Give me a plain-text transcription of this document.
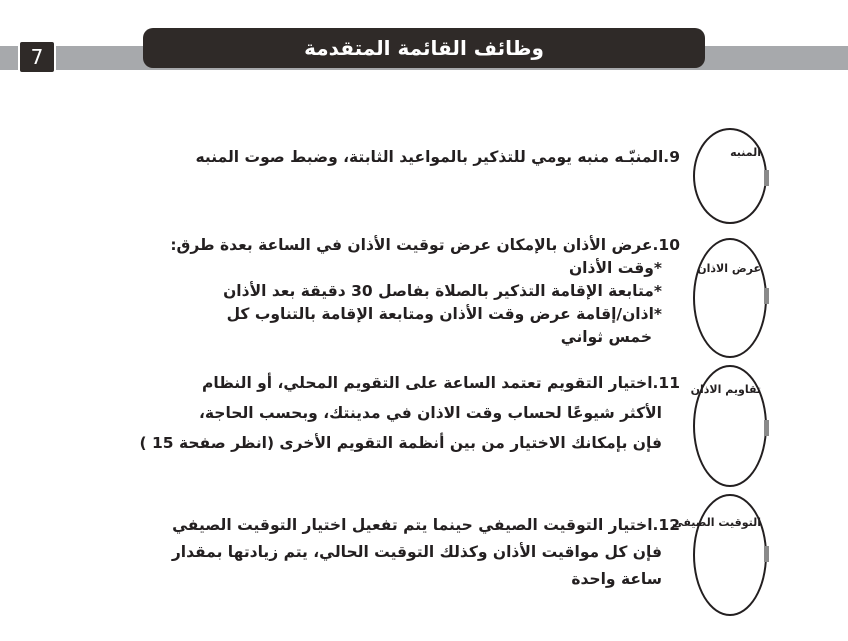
7	وظائف القائمة المتقدمة
المنبه
9.المنبّـه منبه يومي للتذكير بالمواعيد الثابتة، وضبط صوت المنبه
عرض الاذان
10.عرض الأذان بالإمكان عرض توقيت الأذان في الساعة بعدة طرق:
*وقت الأذان
*متابعة الإقامة التذكير بالصلاة بفاصل 30 دقيقة بعد الأذان
*اذان/إقامة عرض وقت الأذان ومتابعة الإقامة بالتناوب كل
خمس ثواني
تقاويم الاذان
11.اختيار التقويم تعتمد الساعة على التقويم المحلي، أو النظام
الأكثر شيوعًا لحساب وقت الاذان في مدينتك، وبحسب الحاجة،
فإن بإمكانك الاختيار من بين أنظمة التقويم الأخرى (انظر صفحة 15 )
التوقيت الصيفي
12.اختيار التوقيت الصيفي حينما يتم تفعيل اختيار التوقيت الصيفي
فإن كل مواقيت الأذان وكذلك التوقيت الحالي، يتم زيادتها بمقدار
ساعة واحدة
